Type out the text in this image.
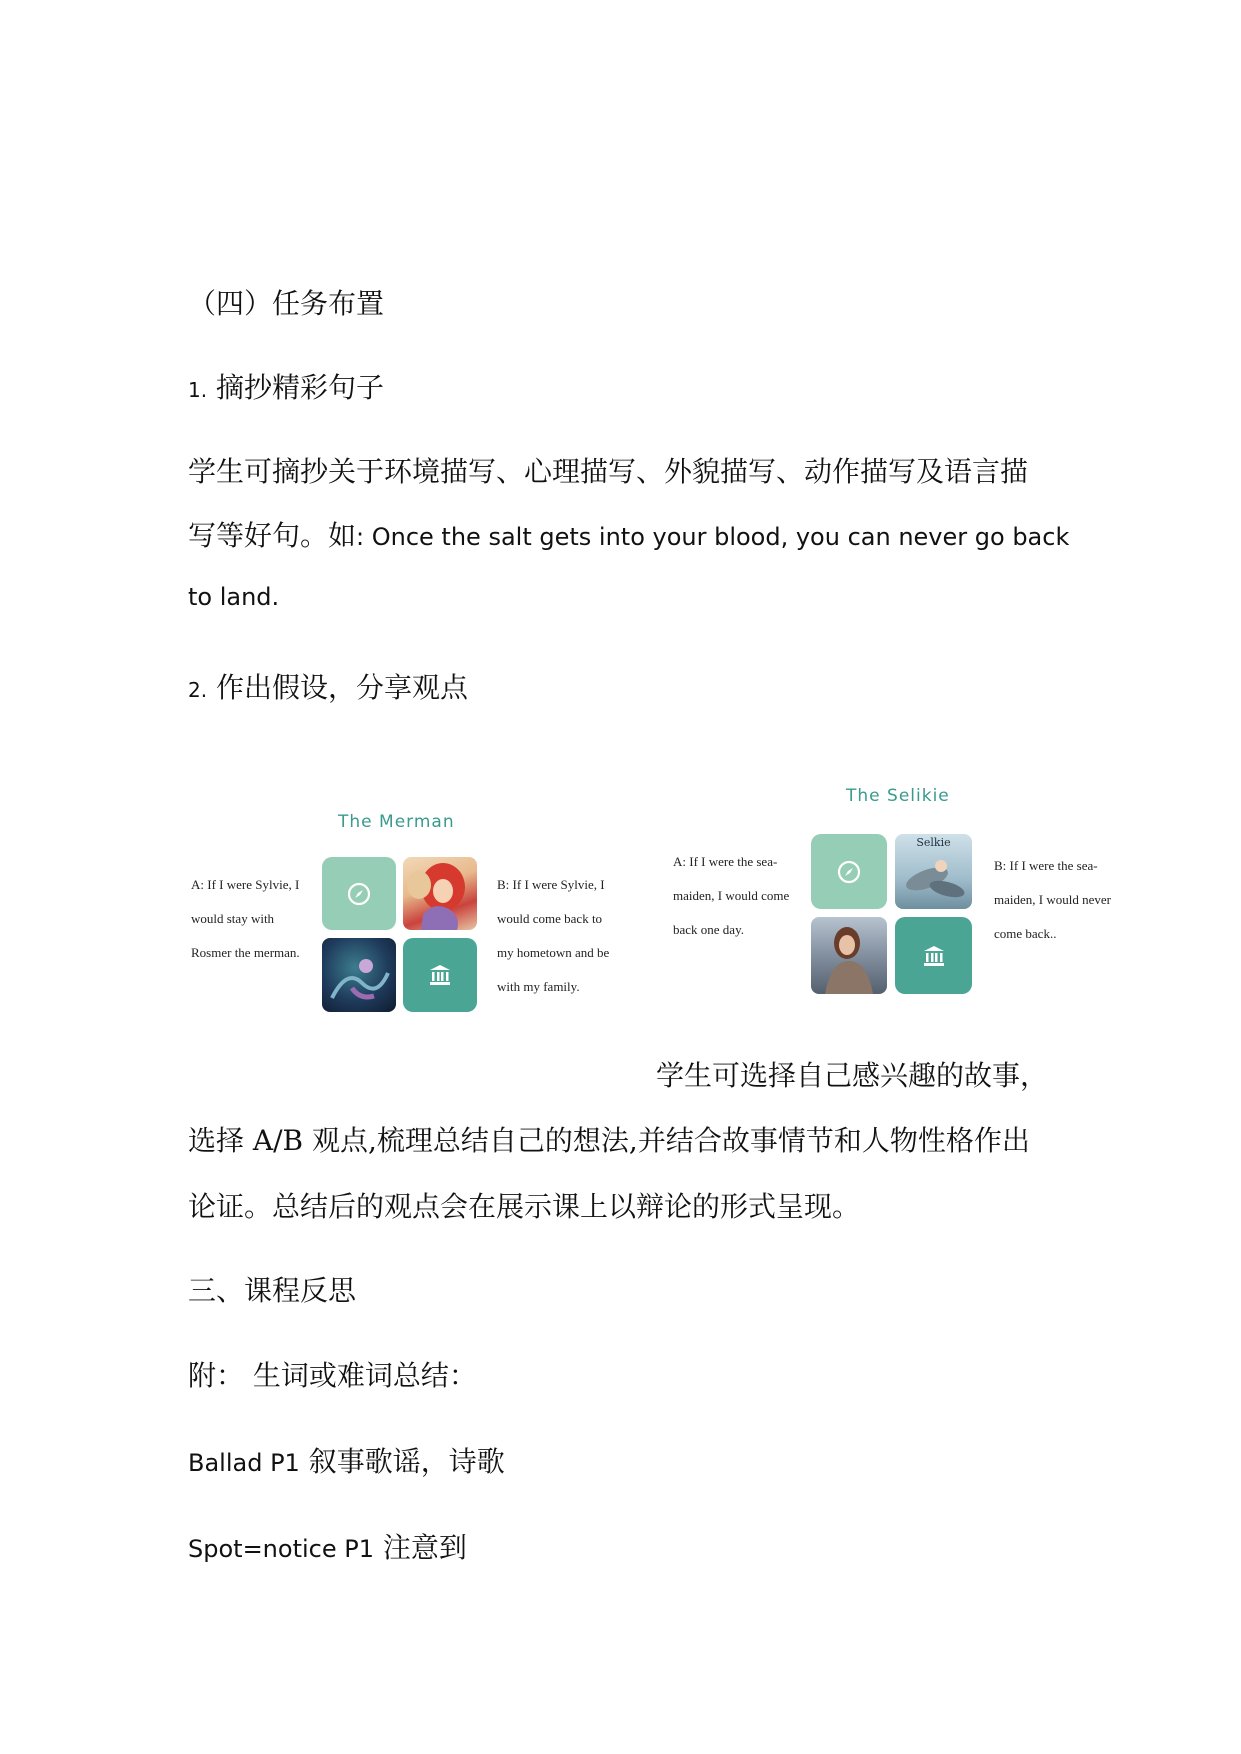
（四）任务布置
1. 摘抄精彩句子
学生可摘抄关于环境描写、心理描写、外貌描写、动作描写及语言描
写等好句。如: Once the salt gets into your blood, you can never go back
to land.
2. 作出假设，分享观点
The Merman
A: If I were Sylvie, I
would stay with
Rosmer the merman.
B: If I were Sylvie, I
would come back to
my hometown and be
with my family.
The Selikie
A: If I were the sea-
maiden, I would come
back one day.
Selkie
B: If I were the sea-
maiden, I would never
come back..
学生可选择自己感兴趣的故事，
选择 A/B 观点,梳理总结自己的想法,并结合故事情节和人物性格作出
论证。总结后的观点会在展示课上以辩论的形式呈现。
三、课程反思
附： 生词或难词总结：
Ballad P1 叙事歌谣，诗歌
Spot=notice P1 注意到
